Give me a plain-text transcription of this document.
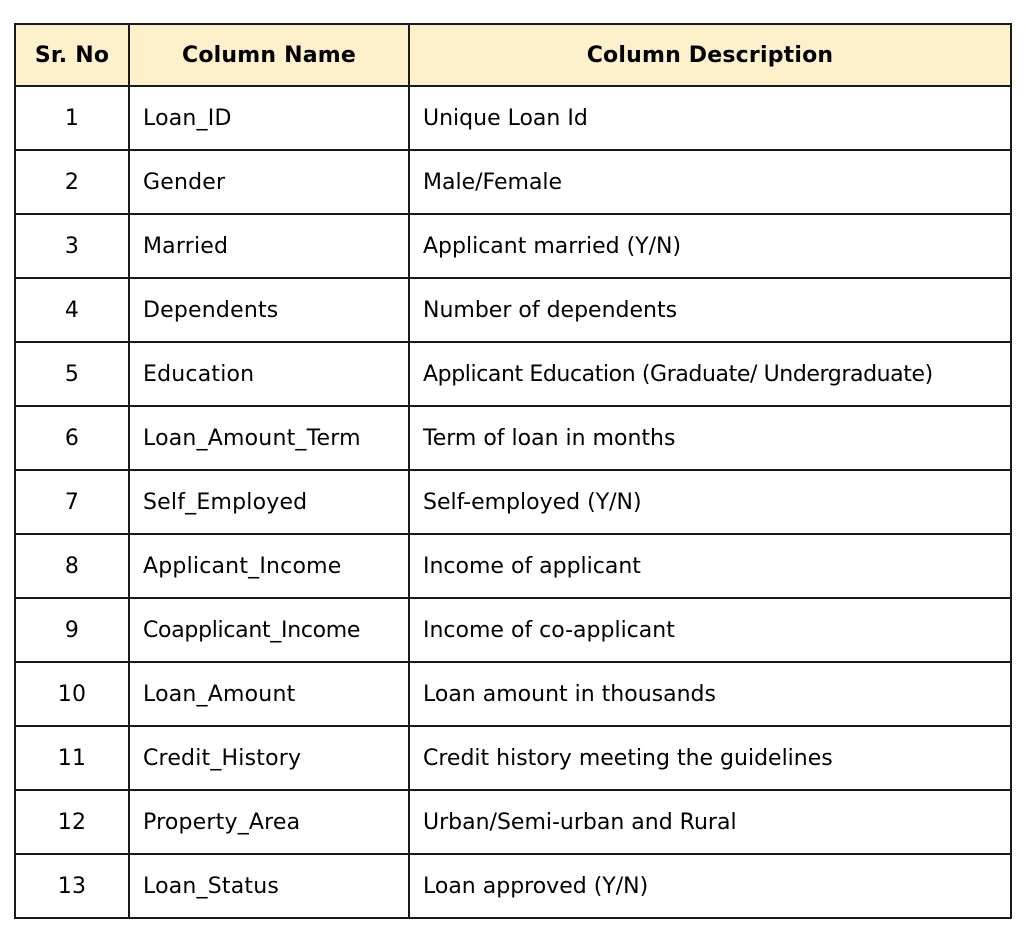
Sr. No	Column Name	Column Description
1	Loan_ID	Unique Loan Id
2	Gender	Male/Female
3	Married	Applicant married (Y/N)
4	Dependents	Number of dependents
5	Education	Applicant Education (Graduate/ Undergraduate)
6	Loan_Amount_Term	Term of loan in months
7	Self_Employed	Self-employed (Y/N)
8	Applicant_Income	Income of applicant
9	Coapplicant_Income	Income of co-applicant
10	Loan_Amount	Loan amount in thousands
11	Credit_History	Credit history meeting the guidelines
12	Property_Area	Urban/Semi-urban and Rural
13	Loan_Status	Loan approved (Y/N)
